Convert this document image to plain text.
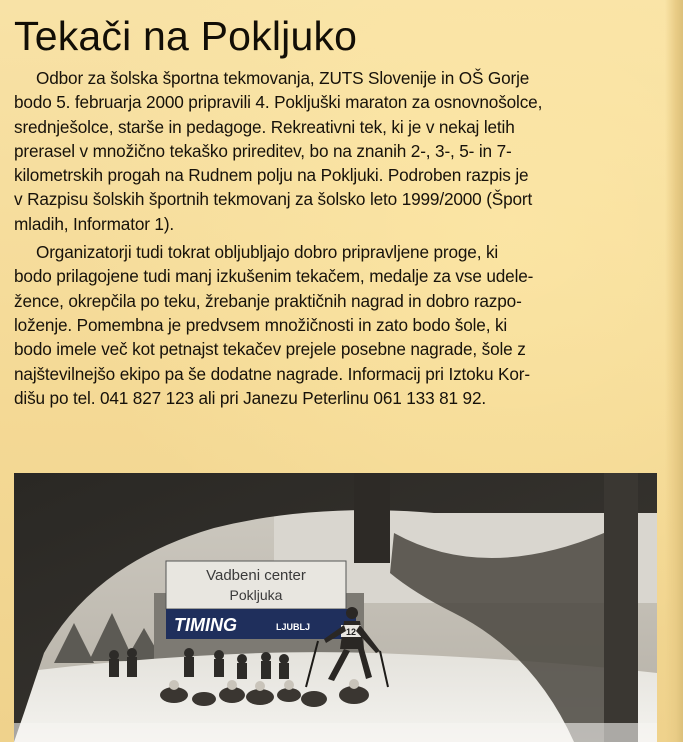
Tekači na Pokljuko

Odbor za šolska športna tekmovanja, ZUTS Slovenije in OŠ Gorje
bodo 5. februarja 2000 pripravili 4. Pokljuški maraton za osnovnošolce,
srednješolce, starše in pedagoge. Rekreativni tek, ki je v nekaj letih
prerasel v množično tekaško prireditev, bo na znanih 2-, 3-, 5- in 7-
kilometrskih progah na Rudnem polju na Pokljuki. Podroben razpis je
v Razpisu šolskih športnih tekmovanj za šolsko leto 1999/2000 (Šport
mladih, Informator 1).

Organizatorji tudi tokrat obljubljajo dobro pripravljene proge, ki
bodo prilagojene tudi manj izkušenim tekačem, medalje za vse udele-
žence, okrepčila po teku, žrebanje praktičnih nagrad in dobro razpo-
loženje. Pomembna je predvsem množičnosti in zato bodo šole, ki
bodo imele več kot petnajst tekačev prejele posebne nagrade, šole z
najštevilnejšo ekipo pa še dodatne nagrade. Informacij pri Iztoku Kor-
dišu po tel. 041 827 123 ali pri Janezu Peterlinu 061 133 81 92.

Vadbeni center
Pokljuka
TIMING	LJUBLJ	12
